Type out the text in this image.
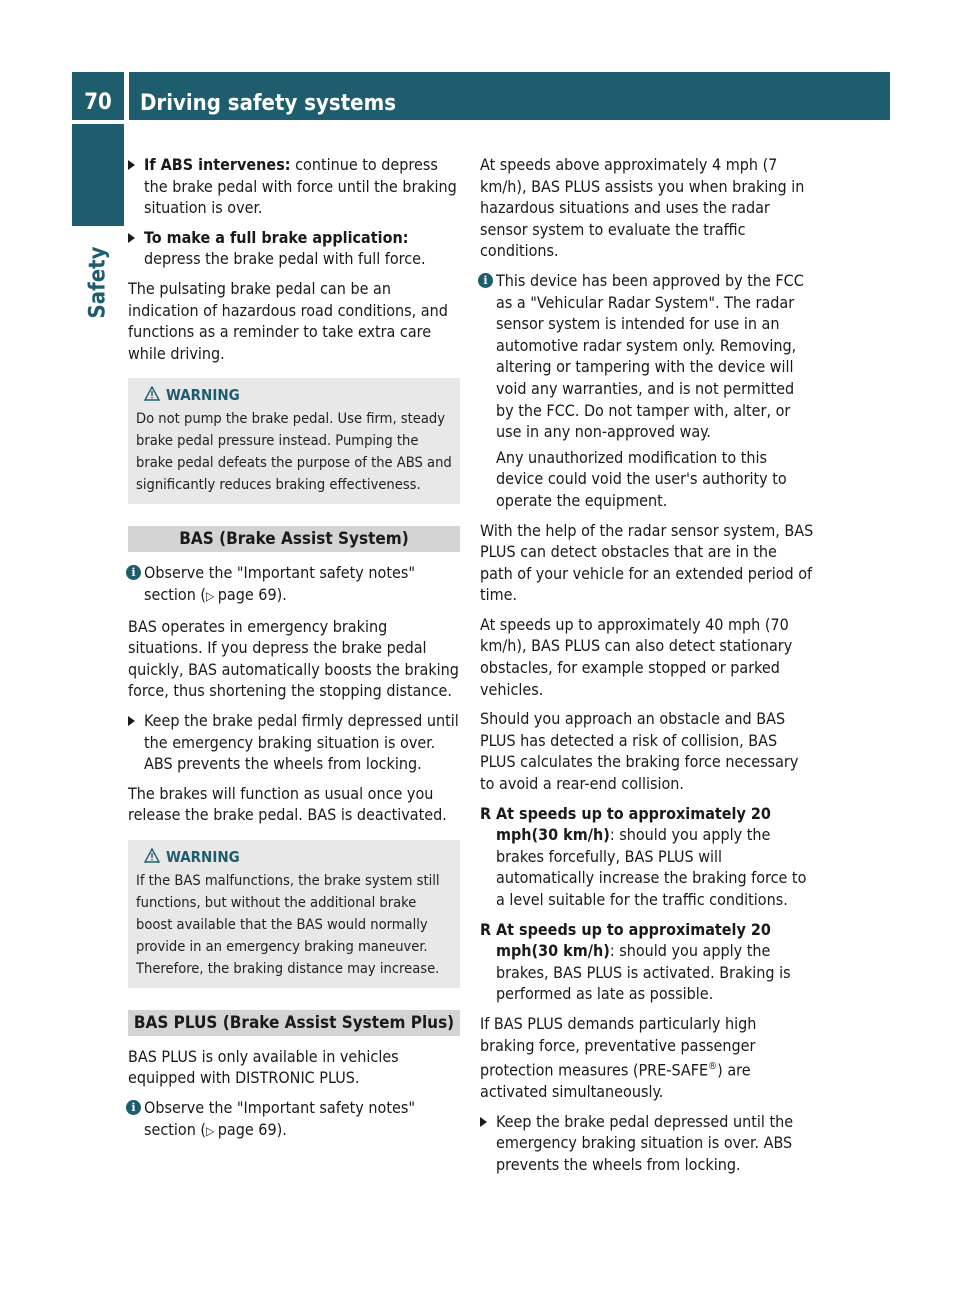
70	Driving safety systems
Safety
If ABS intervenes: continue to depress the brake pedal with force until the braking situation is over.
To make a full brake application: depress the brake pedal with full force.

The pulsating brake pedal can be an indication of hazardous road conditions, and functions as a reminder to take extra care while driving.

WARNING
Do not pump the brake pedal. Use firm, steady brake pedal pressure instead. Pumping the brake pedal defeats the purpose of the ABS and significantly reduces braking effectiveness.
BAS (Brake Assist System)
i Observe the "Important safety notes" section (▷ page 69).

BAS operates in emergency braking situations. If you depress the brake pedal quickly, BAS automatically boosts the braking force, thus shortening the stopping distance.

Keep the brake pedal firmly depressed until the emergency braking situation is over. ABS prevents the wheels from locking.

The brakes will function as usual once you release the brake pedal. BAS is deactivated.

WARNING
If the BAS malfunctions, the brake system still functions, but without the additional brake boost available that the BAS would normally provide in an emergency braking maneuver. Therefore, the braking distance may increase.
BAS PLUS (Brake Assist System Plus)

BAS PLUS is only available in vehicles equipped with DISTRONIC PLUS.

i Observe the "Important safety notes" section (▷ page 69).

At speeds above approximately 4 mph (7 km/h), BAS PLUS assists you when braking in hazardous situations and uses the radar sensor system to evaluate the traffic conditions.

i This device has been approved by the FCC as a "Vehicular Radar System". The radar sensor system is intended for use in an automotive radar system only. Removing, altering or tampering with the device will void any warranties, and is not permitted by the FCC. Do not tamper with, alter, or use in any non-approved way.
Any unauthorized modification to this device could void the user's authority to operate the equipment.

With the help of the radar sensor system, BAS PLUS can detect obstacles that are in the path of your vehicle for an extended period of time.

At speeds up to approximately 40 mph (70 km/h), BAS PLUS can also detect stationary obstacles, for example stopped or parked vehicles.

Should you approach an obstacle and BAS PLUS has detected a risk of collision, BAS PLUS calculates the braking force necessary to avoid a rear-end collision.

R At speeds up to approximately 20 mph(30 km/h): should you apply the brakes forcefully, BAS PLUS will automatically increase the braking force to a level suitable for the traffic conditions.
R At speeds up to approximately 20 mph(30 km/h): should you apply the brakes, BAS PLUS is activated. Braking is performed as late as possible.

If BAS PLUS demands particularly high braking force, preventative passenger protection measures (PRE-SAFE®) are activated simultaneously.

Keep the brake pedal depressed until the emergency braking situation is over. ABS prevents the wheels from locking.
